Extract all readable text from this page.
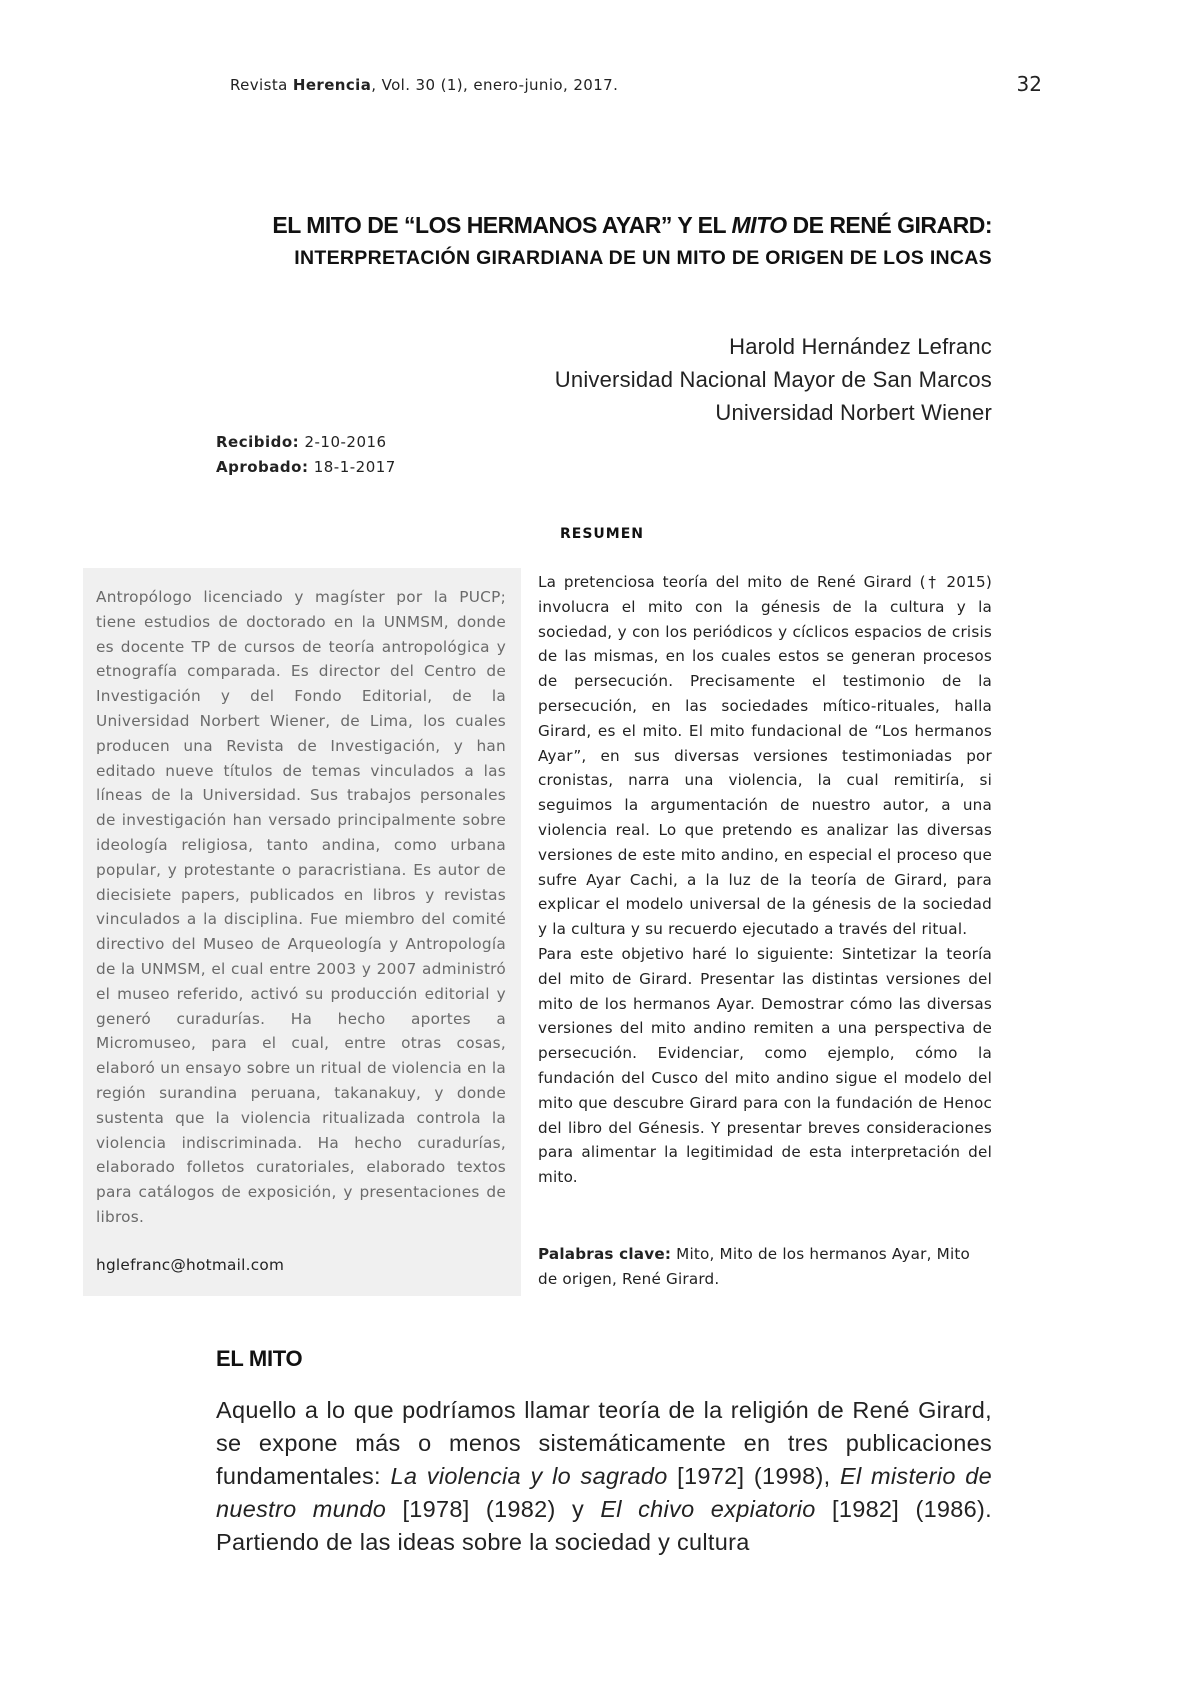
Revista Herencia, Vol. 30 (1), enero-junio, 2017.	32
EL MITO DE “LOS HERMANOS AYAR” Y EL MITO DE RENÉ GIRARD:
INTERPRETACIÓN GIRARDIANA DE UN MITO DE ORIGEN DE LOS INCAS
Harold Hernández Lefranc
Universidad Nacional Mayor de San Marcos
Universidad Norbert Wiener
Recibido: 2-10-2016
Aprobado: 18-1-2017
RESUMEN
Antropólogo licenciado y magíster por la PUCP; tiene estudios de doctorado en la UNMSM, donde es docente TP de cursos de teoría antropológica y etnografía comparada. Es director del Centro de Investigación y del Fondo Editorial, de la Universidad Norbert Wiener, de Lima, los cuales producen una Revista de Investigación, y han editado nueve títulos de temas vinculados a las líneas de la Universidad. Sus trabajos personales de investigación han versado principalmente sobre ideología religiosa, tanto andina, como urbana popular, y protestante o paracristiana. Es autor de diecisiete papers, publicados en libros y revistas vinculados a la disciplina. Fue miembro del comité directivo del Museo de Arqueología y Antropología de la UNMSM, el cual entre 2003 y 2007 administró el museo referido, activó su producción editorial y generó curadurías. Ha hecho aportes a Micromuseo, para el cual, entre otras cosas, elaboró un ensayo sobre un ritual de violencia en la región surandina peruana, takanakuy, y donde sustenta que la violencia ritualizada controla la violencia indiscriminada. Ha hecho curadurías, elaborado folletos curatoriales, elaborado textos para catálogos de exposición, y presentaciones de libros.
hglefranc@hotmail.com

La pretenciosa teoría del mito de René Girard († 2015) involucra el mito con la génesis de la cultura y la sociedad, y con los periódicos y cíclicos espacios de crisis de las mismas, en los cuales estos se generan procesos de persecución. Precisamente el testimonio de la persecución, en las sociedades mítico-rituales, halla Girard, es el mito. El mito fundacional de “Los hermanos Ayar”, en sus diversas versiones testimoniadas por cronistas, narra una violencia, la cual remitiría, si seguimos la argumentación de nuestro autor, a una violencia real. Lo que pretendo es analizar las diversas versiones de este mito andino, en especial el proceso que sufre Ayar Cachi, a la luz de la teoría de Girard, para explicar el modelo universal de la génesis de la sociedad y la cultura y su recuerdo ejecutado a través del ritual.

Para este objetivo haré lo siguiente: Sintetizar la teoría del mito de Girard. Presentar las distintas versiones del mito de los hermanos Ayar. Demostrar cómo las diversas versiones del mito andino remiten a una perspectiva de persecución. Evidenciar, como ejemplo, cómo la fundación del Cusco del mito andino sigue el modelo del mito que descubre Girard para con la fundación de Henoc del libro del Génesis. Y presentar breves consideraciones para alimentar la legitimidad de esta interpretación del mito.

Palabras clave: Mito, Mito de los hermanos Ayar, Mito de origen, René Girard.
EL MITO
Aquello a lo que podríamos llamar teoría de la religión de René Girard, se expone más o menos sistemáticamente en tres publicaciones fundamentales: La violencia y lo sagrado [1972] (1998), El misterio de nuestro mundo [1978] (1982) y El chivo expiatorio [1982] (1986). Partiendo de las ideas sobre la sociedad y cultura
